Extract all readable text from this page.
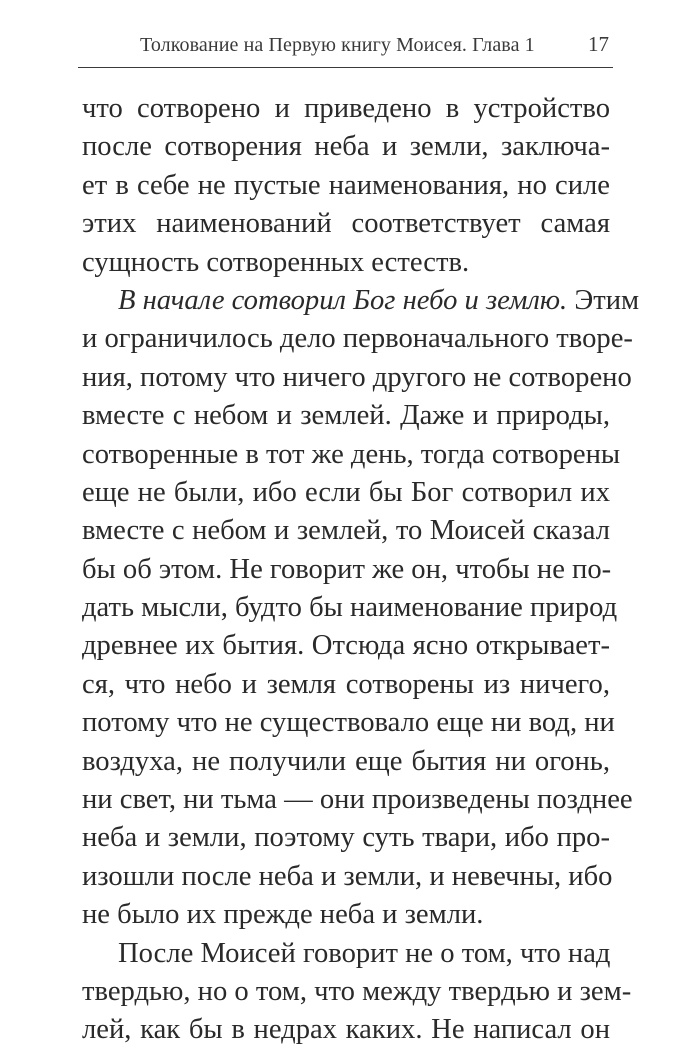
Толкование на Первую книгу Моисея. Глава 1	17
что сотворено и приведено в устройство
после сотворения неба и земли, заключа-
ет в себе не пустые наименования, но силе
этих наименований соответствует самая
сущность сотворенных естеств.
В начале сотворил Бог небо и землю. Этим
и ограничилось дело первоначального творе-
ния, потому что ничего другого не сотворено
вместе с небом и землей. Даже и природы,
сотворенные в тот же день, тогда сотворены
еще не были, ибо если бы Бог сотворил их
вместе с небом и землей, то Моисей сказал
бы об этом. Не говорит же он, чтобы не по-
дать мысли, будто бы наименование природ
древнее их бытия. Отсюда ясно открывает-
ся, что небо и земля сотворены из ничего,
потому что не существовало еще ни вод, ни
воздуха, не получили еще бытия ни огонь,
ни свет, ни тьма — они произведены позднее
неба и земли, поэтому суть твари, ибо про-
изошли после неба и земли, и невечны, ибо
не было их прежде неба и земли.
После Моисей говорит не о том, что над
твердью, но о том, что между твердью и зем-
лей, как бы в недрах каких. Не написал он
